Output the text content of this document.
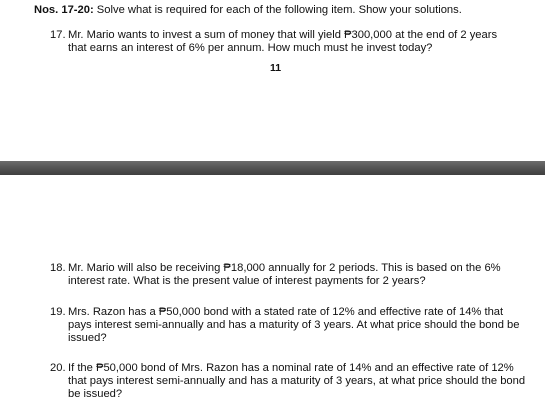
Nos. 17-20: Solve what is required for each of the following item. Show your solutions.
17. Mr. Mario wants to invest a sum of money that will yield ₱300,000 at the end of 2 years that earns an interest of 6% per annum. How much must he invest today?
11
18. Mr. Mario will also be receiving ₱18,000 annually for 2 periods. This is based on the 6% interest rate. What is the present value of interest payments for 2 years?
19. Mrs. Razon has a ₱50,000 bond with a stated rate of 12% and effective rate of 14% that pays interest semi-annually and has a maturity of 3 years. At what price should the bond be issued?
20. If the ₱50,000 bond of Mrs. Razon has a nominal rate of 14% and an effective rate of 12% that pays interest semi-annually and has a maturity of 3 years, at what price should the bond be issued?
